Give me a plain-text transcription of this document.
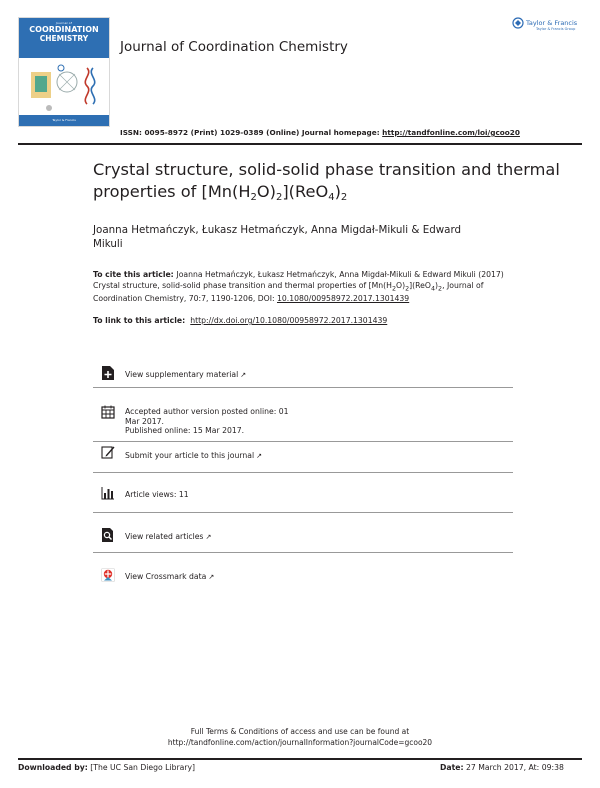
Journal of
COORDINATION
CHEMISTRY
Taylor & Francis
Journal of Coordination Chemistry
Taylor & Francis
Taylor & Francis Group
ISSN: 0095-8972 (Print) 1029-0389 (Online) Journal homepage: http://tandfonline.com/loi/gcoo20
Crystal structure, solid-solid phase transition and thermal properties of $[Mn(H_2O)_2](ReO_4)_2$
Joanna Hetmańczyk, Łukasz Hetmańczyk, Anna Migdał-Mikuli & Edward Mikuli
To cite this article: Joanna Hetmańczyk, Łukasz Hetmańczyk, Anna Migdał-Mikuli & Edward Mikuli (2017) Crystal structure, solid-solid phase transition and thermal properties of $[Mn(H_2O)_2](ReO_4)_2$, Journal of Coordination Chemistry, 70:7, 1190-1206, DOI: 10.1080/00958972.2017.1301439
To link to this article:  http://dx.doi.org/10.1080/00958972.2017.1301439
View supplementary material ↗
Accepted author version posted online: 01 Mar 2017.
Published online: 15 Mar 2017.
Submit your article to this journal ↗
Article views: 11
View related articles ↗
View Crossmark data ↗
Full Terms & Conditions of access and use can be found at
http://tandfonline.com/action/journalInformation?journalCode=gcoo20
Downloaded by: [The UC San Diego Library]	Date: 27 March 2017, At: 09:38
